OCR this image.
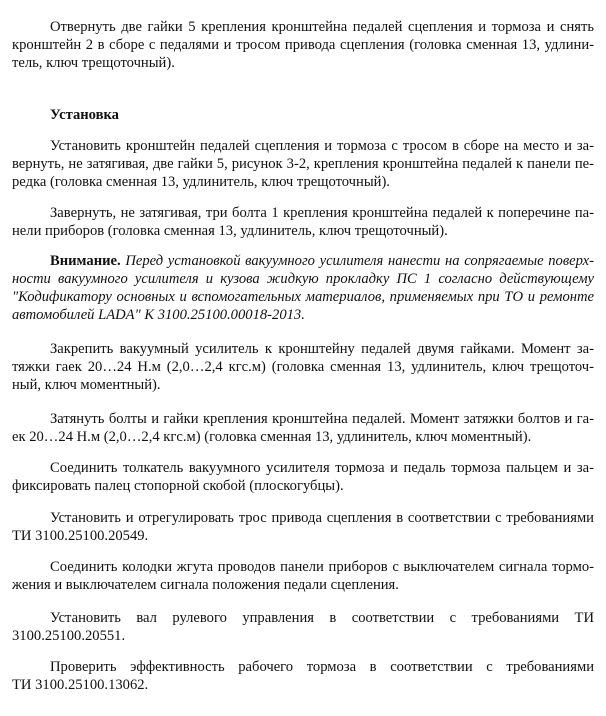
Отвернуть две гайки 5 крепления кронштейна педалей сцепления и тормоза и снять
кронштейн 2 в сборе с педалями и тросом привода сцепления (головка сменная 13, удлини-
тель, ключ трещоточный).
Установка
Установить кронштейн педалей сцепления и тормоза с тросом в сборе на место и за-
вернуть, не затягивая, две гайки 5, рисунок 3-2, крепления кронштейна педалей к панели пе-
редка (головка сменная 13, удлинитель, ключ трещоточный).
Завернуть, не затягивая, три болта 1 крепления кронштейна педалей к поперечине па-
нели приборов (головка сменная 13, удлинитель, ключ трещоточный).
Внимание. Перед установкой вакуумного усилителя нанести на сопрягаемые поверх-
ности вакуумного усилителя и кузова жидкую прокладку ПС 1 согласно действующему
"Кодификатору основных и вспомогательных материалов, применяемых при ТО и ремонте
автомобилей LADA" К 3100.25100.00018-2013.
Закрепить вакуумный усилитель к кронштейну педалей двумя гайками. Момент за-
тяжки гаек 20…24 Н.м (2,0…2,4 кгс.м) (головка сменная 13, удлинитель, ключ трещоточ-
ный, ключ моментный).
Затянуть болты и гайки крепления кронштейна педалей. Момент затяжки болтов и га-
ек 20…24 Н.м (2,0…2,4 кгс.м) (головка сменная 13, удлинитель, ключ моментный).
Соединить толкатель вакуумного усилителя тормоза и педаль тормоза пальцем и за-
фиксировать палец стопорной скобой (плоскогубцы).
Установить и отрегулировать трос привода сцепления в соответствии с требованиями
ТИ 3100.25100.20549.
Соединить колодки жгута проводов панели приборов с выключателем сигнала тормо-
жения и выключателем сигнала положения педали сцепления.
Установить вал рулевого управления в соответствии с требованиями ТИ
3100.25100.20551.
Проверить эффективность рабочего тормоза в соответствии с требованиями
ТИ 3100.25100.13062.
